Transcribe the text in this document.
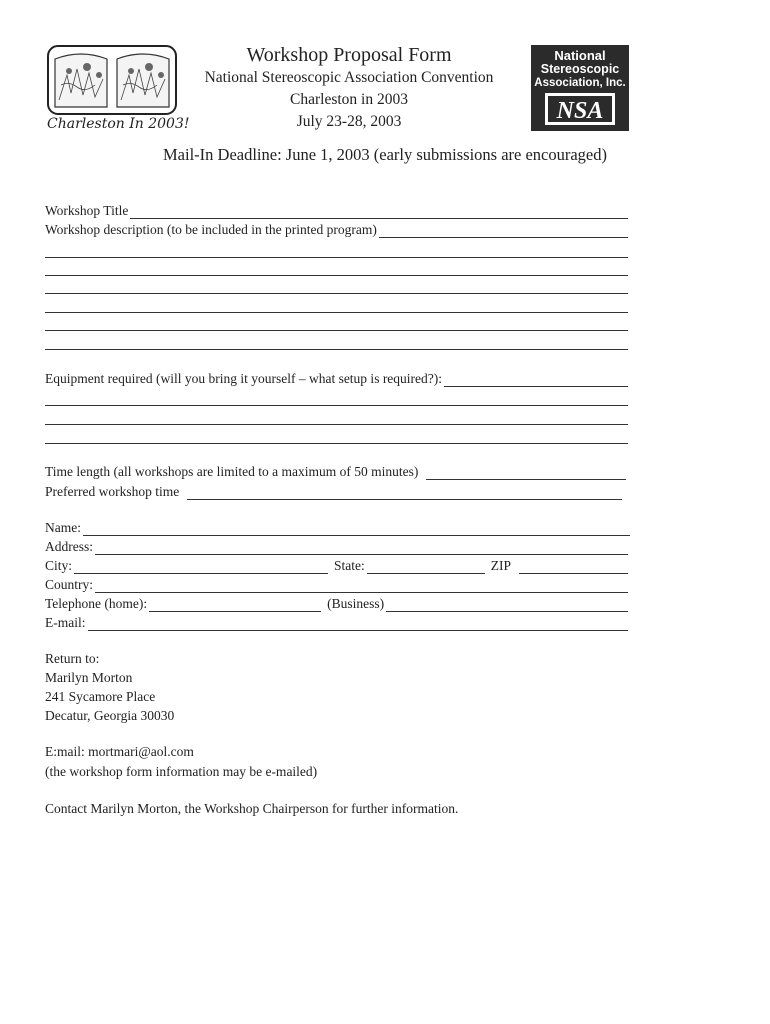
Charleston In 2003!
Workshop Proposal Form
National Stereoscopic Association Convention
Charleston in 2003
July 23-28, 2003
National
Stereoscopic
Association, Inc.
NSA
Mail-In Deadline: June 1, 2003 (early submissions are encouraged)
Workshop Title
Workshop description (to be included in the printed program)
Equipment required (will you bring it yourself – what setup is required?):
Time length (all workshops are limited to a maximum of 50 minutes)
Preferred workshop time
Name:
Address:
City:	State:	ZIP
Country:
Telephone (home):	(Business)
E-mail:
Return to:
Marilyn Morton
241 Sycamore Place
Decatur, Georgia 30030
E:mail: mortmari@aol.com
(the workshop form information may be e-mailed)
Contact Marilyn Morton, the Workshop Chairperson for further information.
